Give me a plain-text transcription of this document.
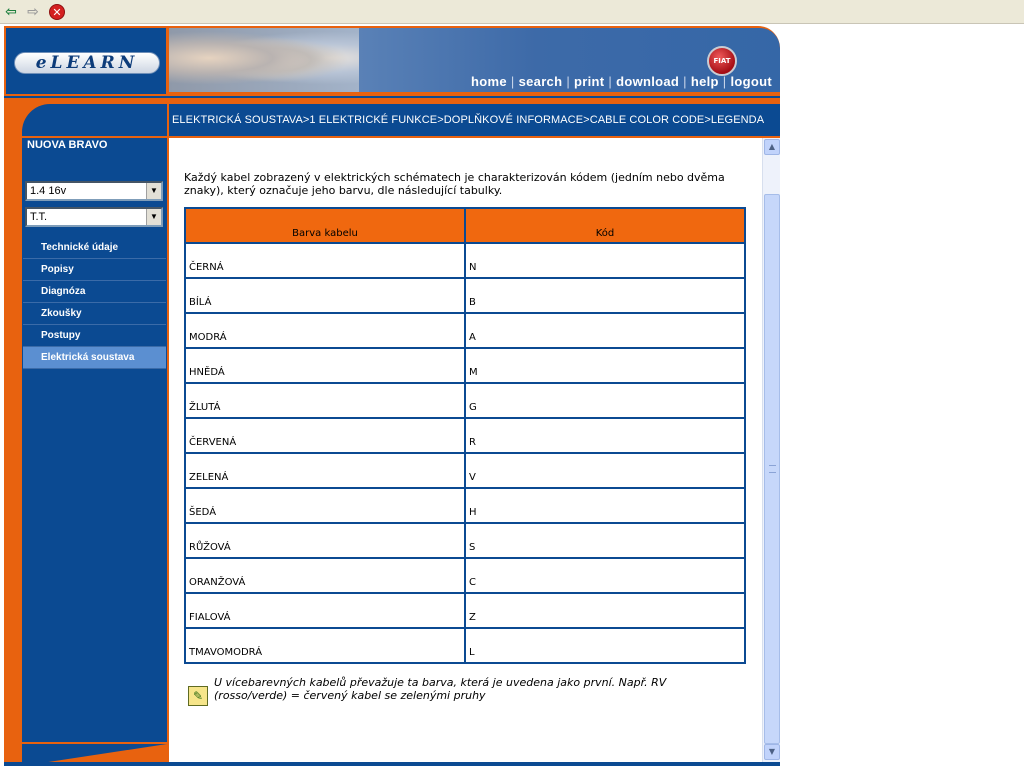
⇦ ⇨	✕
eLEARN	FIAT
home | search | print | download | help | logout
ELEKTRICKÁ SOUSTAVA>1 ELEKTRICKÉ FUNKCE>DOPLŇKOVÉ INFORMACE>CABLE COLOR CODE>LEGENDA
NUOVA BRAVO
1.4 16v	▼
T.T.	▼
Technické údaje
Popisy
Diagnóza
Zkoušky
Postupy
Elektrická soustava
Každý kabel zobrazený v elektrických schématech je charakterizován kódem (jedním nebo dvěma znaky), který označuje jeho barvu, dle následující tabulky.
Barva kabelu	Kód
ČERNÁ	N
BÍLÁ	B
MODRÁ	A
HNĚDÁ	M
ŽLUTÁ	G
ČERVENÁ	R
ZELENÁ	V
ŠEDÁ	H
RŮŽOVÁ	S
ORANŽOVÁ	C
FIALOVÁ	Z
TMAVOMODRÁ	L
✎
U vícebarevných kabelů převažuje ta barva, která je uvedena jako první. Např. RV (rosso/verde) = červený kabel se zelenými pruhy
▲
▼
